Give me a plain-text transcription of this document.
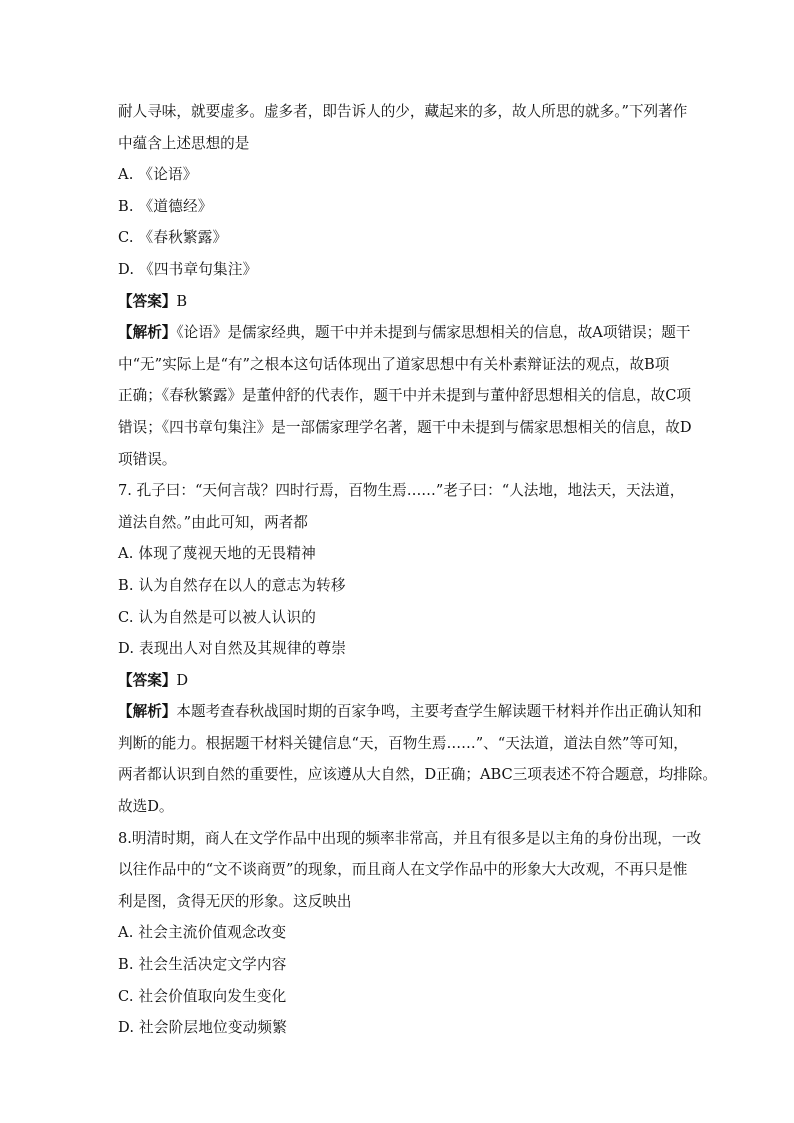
耐人寻味，就要虚多。虚多者，即告诉人的少，藏起来的多，故人所思的就多。”下列著作
中蕴含上述思想的是
A. 《论语》
B. 《道德经》
C. 《春秋繁露》
D. 《四书章句集注》
【答案】B
【解析】《论语》是儒家经典，题干中并未提到与儒家思想相关的信息，故A项错误；题干
中“无”实际上是“有”之根本这句话体现出了道家思想中有关朴素辩证法的观点，故B项
正确；《春秋繁露》是董仲舒的代表作，题干中并未提到与董仲舒思想相关的信息，故C项
错误；《四书章句集注》是一部儒家理学名著，题干中未提到与儒家思想相关的信息，故D
项错误。
7. 孔子曰：“天何言哉？四时行焉，百物生焉……”老子曰：“人法地，地法天，天法道，
道法自然。”由此可知，两者都
A. 体现了蔑视天地的无畏精神
B. 认为自然存在以人的意志为转移
C. 认为自然是可以被人认识的
D. 表现出人对自然及其规律的尊崇
【答案】D
【解析】本题考查春秋战国时期的百家争鸣，主要考查学生解读题干材料并作出正确认知和
判断的能力。根据题干材料关键信息“天，百物生焉……”、“天法道，道法自然”等可知，
两者都认识到自然的重要性，应该遵从大自然，D正确；ABC三项表述不符合题意，均排除。
故选D。
8.明清时期，商人在文学作品中出现的频率非常高，并且有很多是以主角的身份出现，一改
以往作品中的“文不谈商贾”的现象，而且商人在文学作品中的形象大大改观，不再只是惟
利是图，贪得无厌的形象。这反映出
A. 社会主流价值观念改变
B. 社会生活决定文学内容
C. 社会价值取向发生变化
D. 社会阶层地位变动频繁
